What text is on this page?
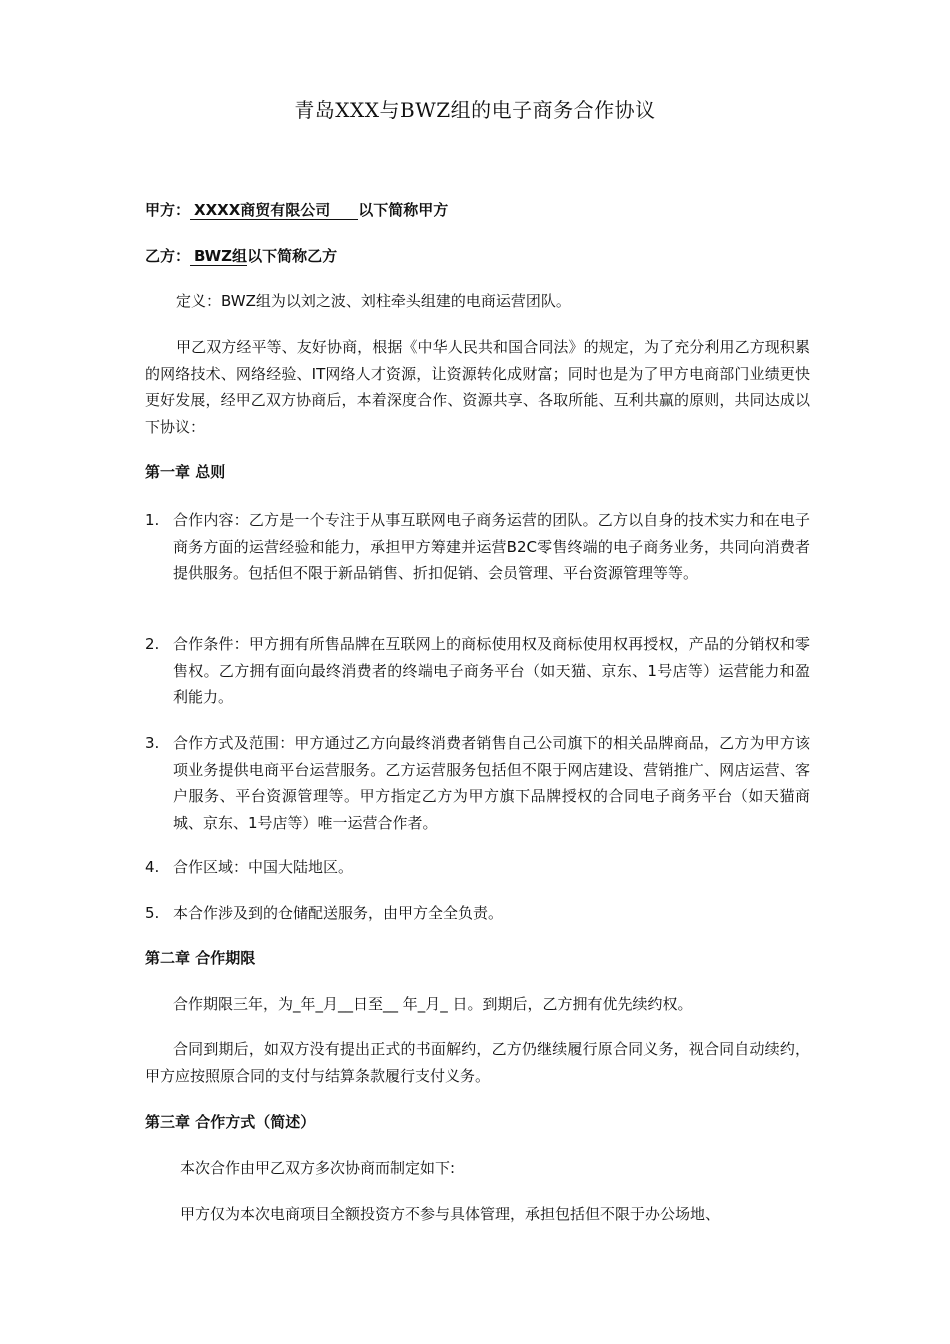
青岛XXX与BWZ组的电子商务合作协议
甲方： XXXX商贸有限公司 以下简称甲方
乙方： BWZ组以下简称乙方
定义：BWZ组为以刘之波、刘柱牵头组建的电商运营团队。
甲乙双方经平等、友好协商，根据《中华人民共和国合同法》的规定，为了充分利用乙方现积累的网络技术、网络经验、IT网络人才资源，让资源转化成财富；同时也是为了甲方电商部门业绩更快更好发展，经甲乙双方协商后，本着深度合作、资源共享、各取所能、互利共赢的原则，共同达成以下协议：
第一章 总则
1. 合作内容：乙方是一个专注于从事互联网电子商务运营的团队。乙方以自身的技术实力和在电子商务方面的运营经验和能力，承担甲方筹建并运营B2C零售终端的电子商务业务，共同向消费者提供服务。包括但不限于新品销售、折扣促销、会员管理、平台资源管理等等。
2. 合作条件：甲方拥有所售品牌在互联网上的商标使用权及商标使用权再授权，产品的分销权和零售权。乙方拥有面向最终消费者的终端电子商务平台（如天猫、京东、1号店等）运营能力和盈利能力。
3. 合作方式及范围：甲方通过乙方向最终消费者销售自己公司旗下的相关品牌商品，乙方为甲方该项业务提供电商平台运营服务。乙方运营服务包括但不限于网店建设、营销推广、网店运营、客户服务、平台资源管理等。甲方指定乙方为甲方旗下品牌授权的合同电子商务平台（如天猫商城、京东、1号店等）唯一运营合作者。
4. 合作区域：中国大陆地区。
5. 本合作涉及到的仓储配送服务，由甲方全全负责。
第二章 合作期限
合作期限三年，为_年_月__日至__ 年_月_ 日。到期后，乙方拥有优先续约权。
合同到期后，如双方没有提出正式的书面解约，乙方仍继续履行原合同义务，视合同自动续约，甲方应按照原合同的支付与结算条款履行支付义务。
第三章 合作方式（简述）
本次合作由甲乙双方多次协商而制定如下:
甲方仅为本次电商项目全额投资方不参与具体管理，承担包括但不限于办公场地、
